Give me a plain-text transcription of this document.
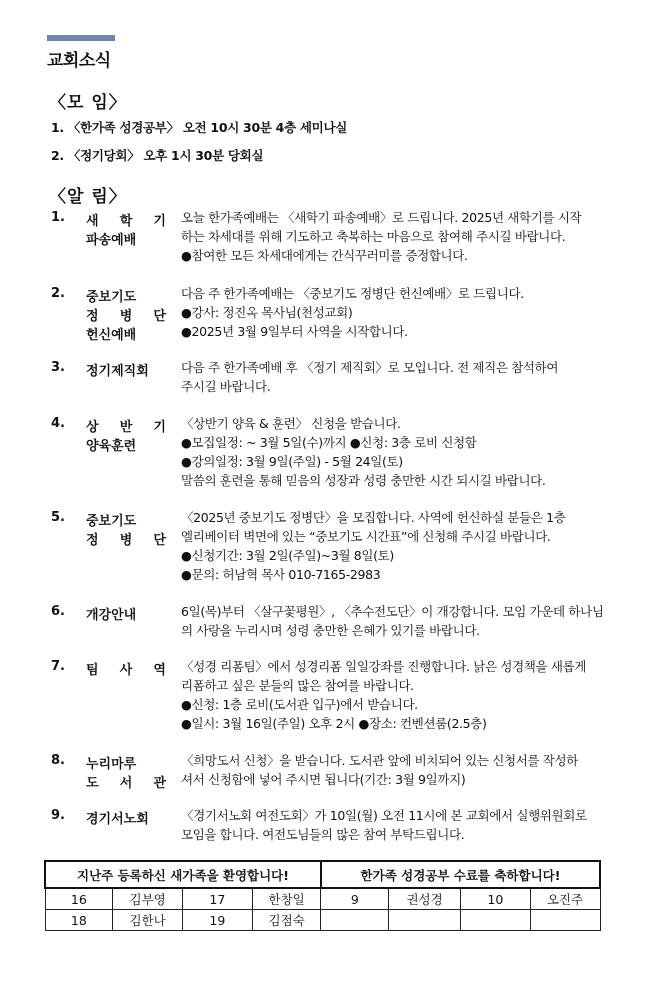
교회소식
〈모 임〉
1. 〈한가족 성경공부〉 오전 10시 30분 4층 세미나실
2. 〈정기당회〉 오후 1시 30분 당회실
〈알 림〉
1. 새 학 기
파송예배
오늘 한가족예배는 〈새학기 파송예배〉로 드립니다. 2025년 새학기를 시작
하는 차세대를 위해 기도하고 축복하는 마음으로 참여해 주시길 바랍니다.
●참여한 모든 차세대에게는 간식꾸러미를 증정합니다.
2. 중보기도
정 병 단
헌신예배
다음 주 한가족예배는 〈중보기도 정병단 헌신예배〉로 드립니다.
●강사: 정진옥 목사님(천성교회)
●2025년 3월 9일부터 사역을 시작합니다.
3. 정기제직회	다음 주 한가족예배 후 〈정기 제직회〉로 모입니다. 전 제직은 참석하여
주시길 바랍니다.
4. 상 반 기
양육훈련
〈상반기 양육 & 훈련〉 신청을 받습니다.
●모집일정: ~ 3월 5일(수)까지 ●신청: 3층 로비 신청함
●강의일정: 3월 9일(주일) - 5월 24일(토)
말씀의 훈련을 통해 믿음의 성장과 성령 충만한 시간 되시길 바랍니다.
5. 중보기도
정 병 단
〈2025년 중보기도 정병단〉을 모집합니다. 사역에 헌신하실 분들은 1층
엘리베이터 벽면에 있는 “중보기도 시간표”에 신청해 주시길 바랍니다.
●신청기간: 3월 2일(주일)~3월 8일(토)
●문의: 허남혁 목사 010-7165-2983
6. 개강안내	6일(목)부터 〈살구꽃평원〉, 〈추수전도단〉이 개강합니다. 모임 가운데 하나님
의 사랑을 누리시며 성령 충만한 은혜가 있기를 바랍니다.
7. 팀 사 역 〈성경 리폼팀〉에서 성경리폼 일일강좌를 진행합니다. 낡은 성경책을 새롭게
리폼하고 싶은 분들의 많은 참여를 바랍니다.
●신청: 1층 로비(도서관 입구)에서 받습니다.
●일시: 3월 16일(주일) 오후 2시 ●장소: 컨벤션룸(2.5층)
8. 누리마루
도 서 관
〈희망도서 신청〉을 받습니다. 도서관 앞에 비치되어 있는 신청서를 작성하
셔서 신청함에 넣어 주시면 됩니다(기간: 3월 9일까지)
9. 경기서노회	〈경기서노회 여전도회〉가 10일(월) 오전 11시에 본 교회에서 실행위원회로
모임을 합니다. 여전도님들의 많은 참여 부탁드립니다.
지난주 등록하신 새가족을 환영합니다!				한가족 성경공부 수료를 축하합니다!			
16	김부영	17	한창일	9	권성경	10	오진주
18	김한나	19	김점숙				
